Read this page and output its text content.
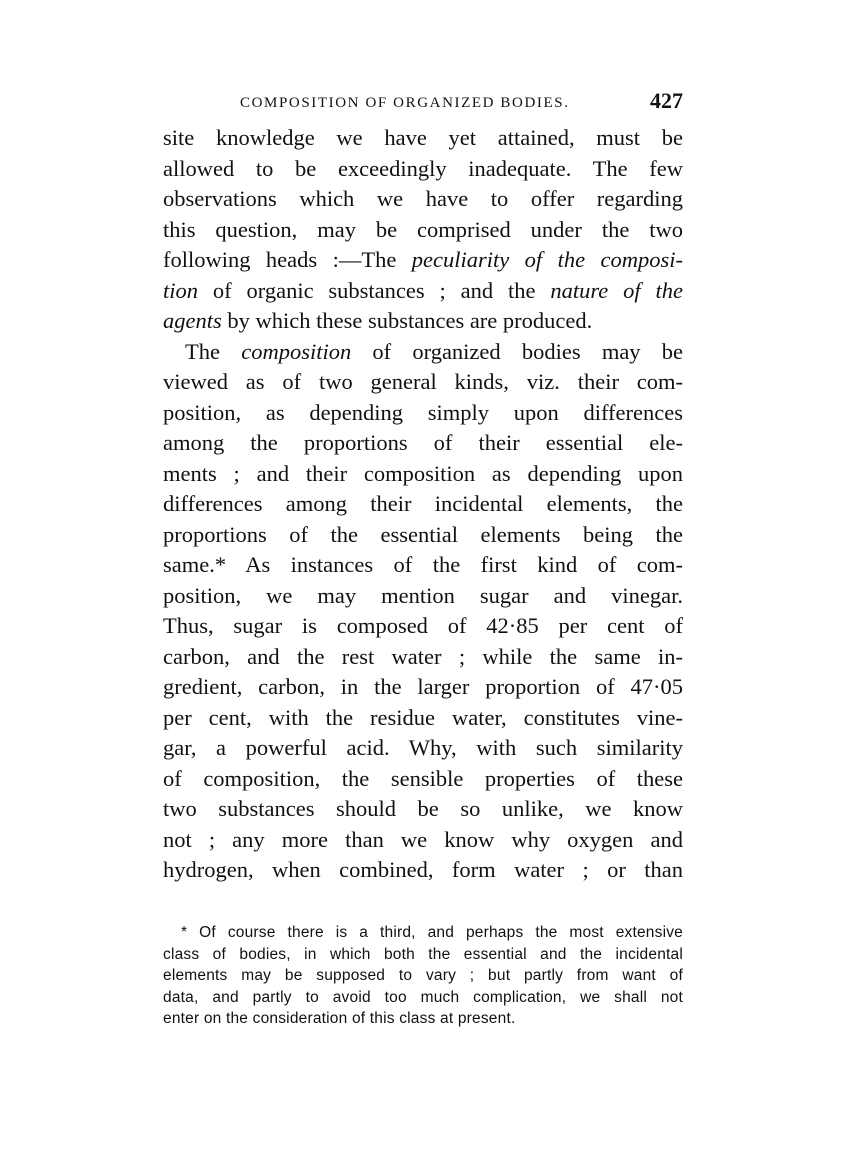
COMPOSITION OF ORGANIZED BODIES.	427
site knowledge we have yet attained, must be
allowed to be exceedingly inadequate. The few
observations which we have to offer regarding
this question, may be comprised under the two
following heads :—The peculiarity of the composi-
tion of organic substances ; and the nature of the
agents by which these substances are produced.
The composition of organized bodies may be
viewed as of two general kinds, viz. their com-
position, as depending simply upon differences
among the proportions of their essential ele-
ments ; and their composition as depending upon
differences among their incidental elements, the
proportions of the essential elements being the
same.* As instances of the first kind of com-
position, we may mention sugar and vinegar.
Thus, sugar is composed of 42·85 per cent of
carbon, and the rest water ; while the same in-
gredient, carbon, in the larger proportion of 47·05
per cent, with the residue water, constitutes vine-
gar, a powerful acid. Why, with such similarity
of composition, the sensible properties of these
two substances should be so unlike, we know
not ; any more than we know why oxygen and
hydrogen, when combined, form water ; or than
* Of course there is a third, and perhaps the most extensive
class of bodies, in which both the essential and the incidental
elements may be supposed to vary ; but partly from want of
data, and partly to avoid too much complication, we shall not
enter on the consideration of this class at present.
